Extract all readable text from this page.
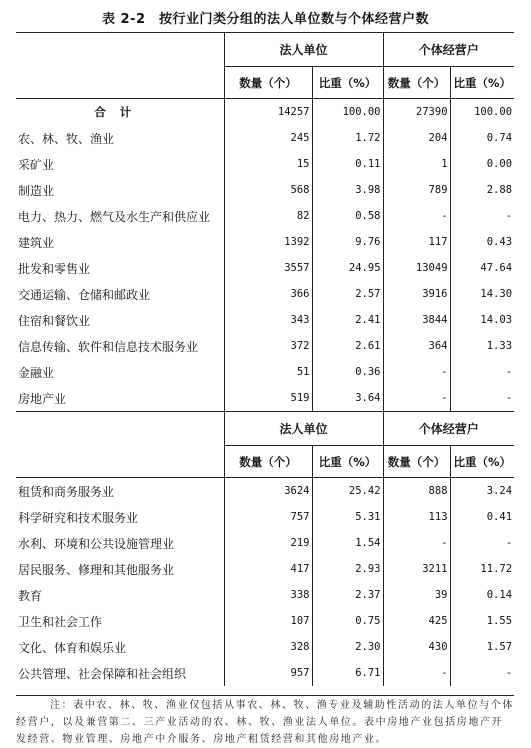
表 2-2　按行业门类分组的法人单位数与个体经营户数
	法人单位		个体经营户	
	数量（个）	比重（%）	数量（个）	比重（%）
合计	14257	100.00	27390	100.00
农、林、牧、渔业	245	1.72	204	0.74
采矿业	15	0.11	1	0.00
制造业	568	3.98	789	2.88
电力、热力、燃气及水生产和供应业	82	0.58	-	-
建筑业	1392	9.76	117	0.43
批发和零售业	3557	24.95	13049	47.64
交通运输、仓储和邮政业	366	2.57	3916	14.30
住宿和餐饮业	343	2.41	3844	14.03
信息传输、软件和信息技术服务业	372	2.61	364	1.33
金融业	51	0.36	-	-
房地产业	519	3.64	-	-
	法人单位		个体经营户	
	数量（个）	比重（%）	数量（个）	比重（%）
租赁和商务服务业	3624	25.42	888	3.24
科学研究和技术服务业	757	5.31	113	0.41
水利、环境和公共设施管理业	219	1.54	-	-
居民服务、修理和其他服务业	417	2.93	3211	11.72
教育	338	2.37	39	0.14
卫生和社会工作	107	0.75	425	1.55
文化、体育和娱乐业	328	2.30	430	1.57
公共管理、社会保障和社会组织	957	6.71	-	-
注：表中农、林、牧、渔业仅包括从事农、林、牧、渔专业及辅助性活动的法人单位与个体经营户，以及兼营第二、三产业活动的农、林、牧、渔业法人单位。表中房地产业包括房地产开发经营、物业管理、房地产中介服务、房地产租赁经营和其他房地产业。
